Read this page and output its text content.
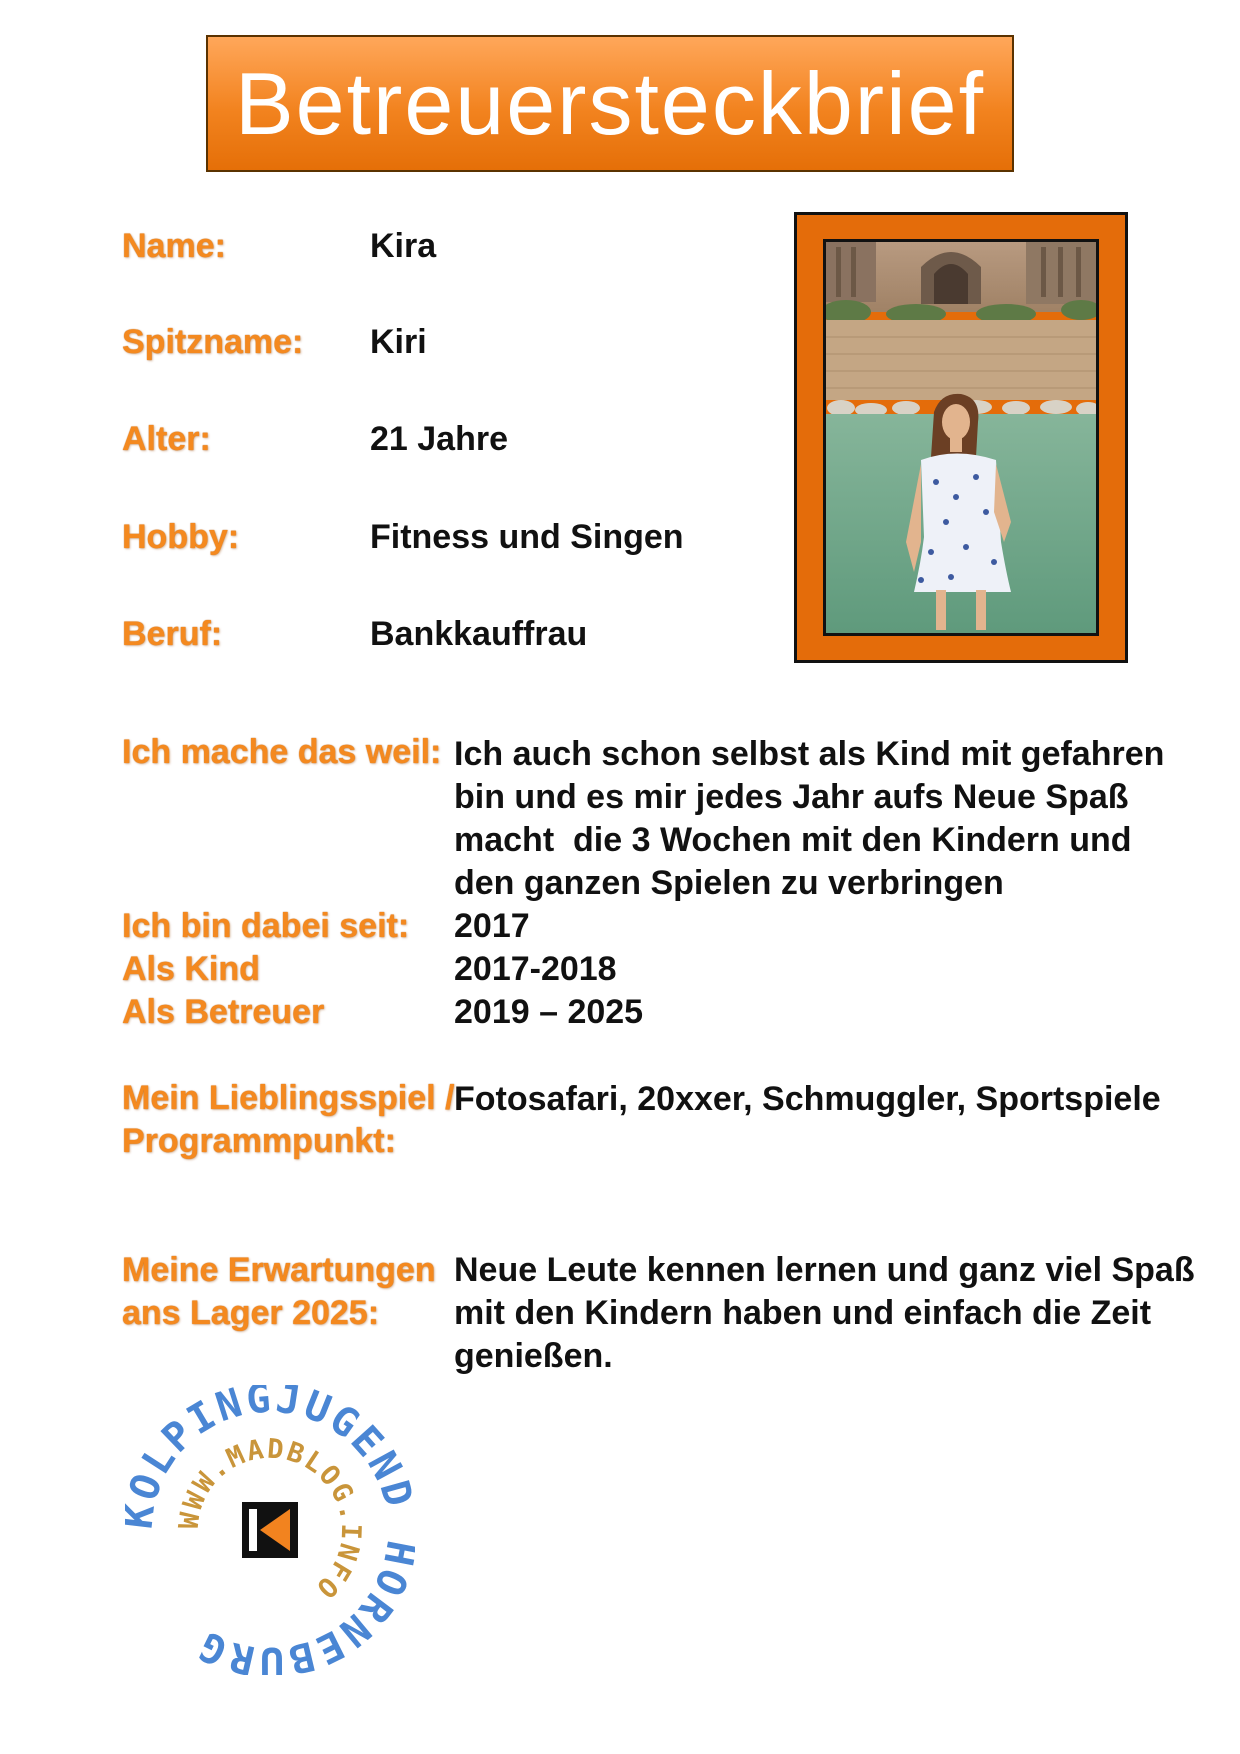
Betreuersteckbrief
Name:	Kira
Spitzname: Kiri
Alter:	21 Jahre
Hobby:	Fitness und Singen
Beruf:	Bankkauffrau
Ich mache das weil: Ich auch schon selbst als Kind mit gefahren
bin und es mir jedes Jahr aufs Neue Spaß
macht  die 3 Wochen mit den Kindern und
den ganzen Spielen zu verbringen
Ich bin dabei seit: 2017
Als Kind	2017-2018
Als Betreuer	2019 – 2025
Mein Lieblingsspiel /
Programmpunkt:
Fotosafari, 20xxer, Schmuggler, Sportspiele
Meine Erwartungen
ans Lager 2025:
Neue Leute kennen lernen und ganz viel Spaß
mit den Kindern haben und einfach die Zeit
genießen.
OLPINGJUGEN ORNEBURG
WWW.MADBLOG.INFO
